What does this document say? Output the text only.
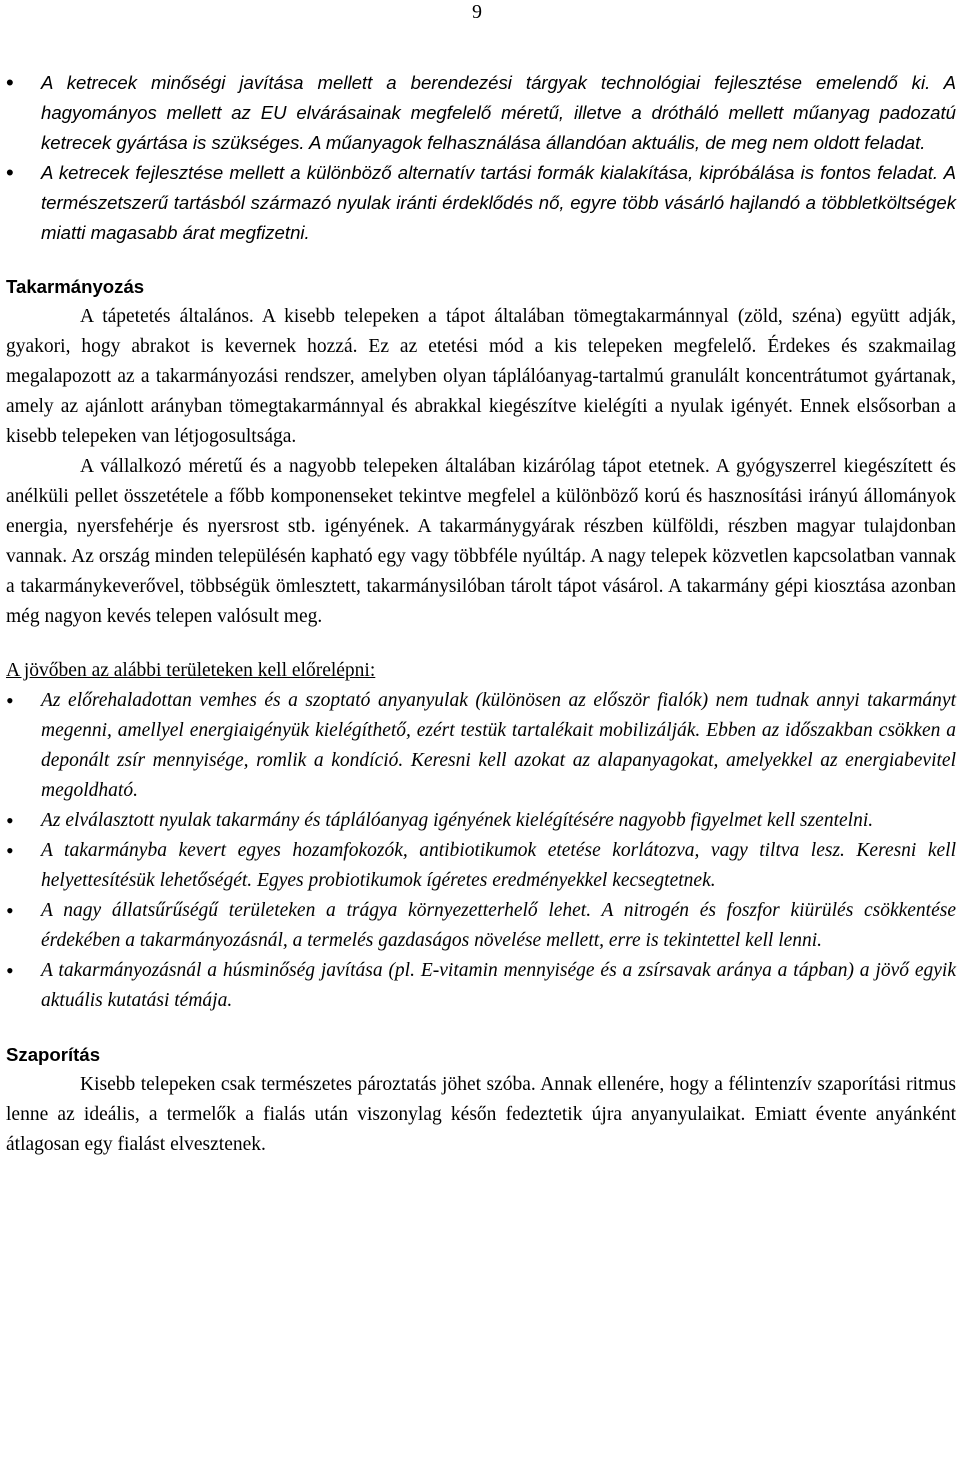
9
• A ketrecek minőségi javítása mellett a berendezési tárgyak technológiai fejlesztése emelendő ki. A hagyományos mellett az EU elvárásainak megfelelő méretű, illetve a dróthálό mellett műanyag padozatú ketrecek gyártása is szükséges. A műanyagok felhasználása állandóan aktuális, de meg nem oldott feladat.
• A ketrecek fejlesztése mellett a különböző alternatív tartási formák kialakítása, kipróbálása is fontos feladat. A természetszerű tartásból származó nyulak iránti érdeklődés nő, egyre több vásárló hajlandó a többletköltségek miatti magasabb árat megfizetni.
Takarmányozás

A tápetetés általános. A kisebb telepeken a tápot általában tömegtakarmánnyal (zöld, széna) együtt adják, gyakori, hogy abrakot is kevernek hozzá. Ez az etetési mód a kis telepeken megfelelő. Érdekes és szakmailag megalapozott az a takarmányozási rendszer, amelyben olyan táplálóanyag-tartalmú granulált koncentrátumot gyártanak, amely az ajánlott arányban tömegtakarmánnyal és abrakkal kiegészítve kielégíti a nyulak igényét. Ennek elsősorban a kisebb telepeken van létjogosultsága.

A vállalkozó méretű és a nagyobb telepeken általában kizárólag tápot etetnek. A gyógyszerrel kiegészített és anélküli pellet összetétele a főbb komponenseket tekintve megfelel a különböző korú és hasznosítási irányú állományok energia, nyersfehérje és nyersrost stb. igényének. A takarmánygyárak részben külföldi, részben magyar tulajdonban vannak. Az ország minden településén kapható egy vagy többféle nyúltáp. A nagy telepek közvetlen kapcsolatban vannak a takarmánykeverővel, többségük ömlesztett, takarmánysilóban tárolt tápot vásárol. A takarmány gépi kiosztása azonban még nagyon kevés telepen valósult meg.

A jövőben az alábbi területeken kell előrelépni:

• Az előrehaladottan vemhes és a szoptató anyanyulak (különösen az először fialók) nem tudnak annyi takarmányt megenni, amellyel energiaigényük kielégíthető, ezért testük tartalékait mobilizálják. Ebben az időszakban csökken a deponált zsír mennyisége, romlik a kondíció. Keresni kell azokat az alapanyagokat, amelyekkel az energiabevitel megoldható.
• Az elválasztott nyulak takarmány és táplálóanyag igényének kielégítésére nagyobb figyelmet kell szentelni.
• A takarmányba kevert egyes hozamfokozók, antibiotikumok etetése korlátozva, vagy tiltva lesz. Keresni kell helyettesítésük lehetőségét. Egyes probiotikumok ígéretes eredményekkel kecsegtetnek.
• A nagy állatsűrűségű területeken a trágya környezetterhelő lehet. A nitrogén és foszfor kiürülés csökkentése érdekében a takarmányozásnál, a termelés gazdaságos növelése mellett, erre is tekintettel kell lenni.
• A takarmányozásnál a húsminőség javítása (pl. E-vitamin mennyisége és a zsírsavak aránya a tápban) a jövő egyik aktuális kutatási témája.
Szaporítás

Kisebb telepeken csak természetes pároztatás jöhet szóba. Annak ellenére, hogy a félintenzív szaporítási ritmus lenne az ideális, a termelők a fialás után viszonylag későn fedeztetik újra anyanyulaikat. Emiatt évente anyánként átlagosan egy fialást elvesztenek.
